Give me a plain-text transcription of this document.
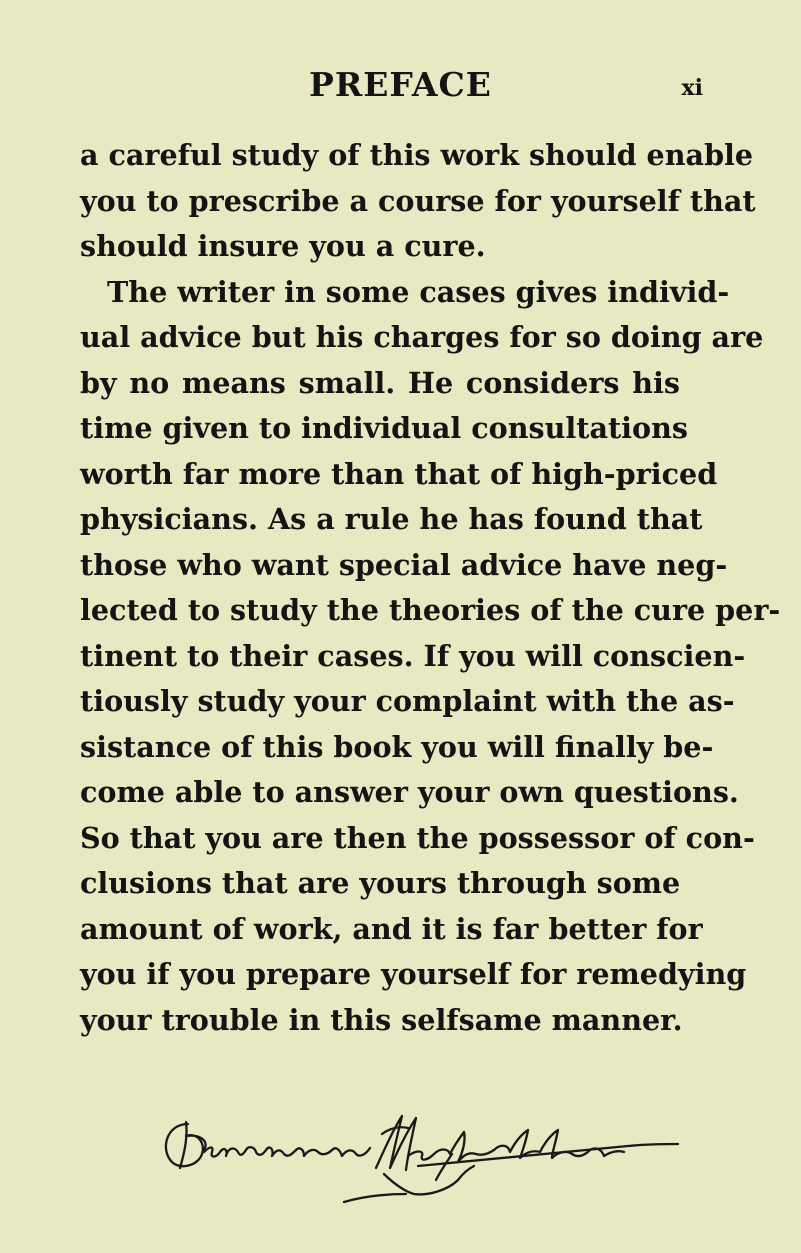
PREFACE	xi
a careful study of this work should enable
you to prescribe a course for yourself that
should insure you a cure.
The writer in some cases gives individ-
ual advice but his charges for so doing are
by no means small. He considers his
time given to individual consultations
worth far more than that of high-priced
physicians. As a rule he has found that
those who want special advice have neg-
lected to study the theories of the cure per-
tinent to their cases. If you will conscien-
tiously study your complaint with the as-
sistance of this book you will finally be-
come able to answer your own questions.
So that you are then the possessor of con-
clusions that are yours through some
amount of work, and it is far better for
you if you prepare yourself for remedying
your trouble in this selfsame manner.
